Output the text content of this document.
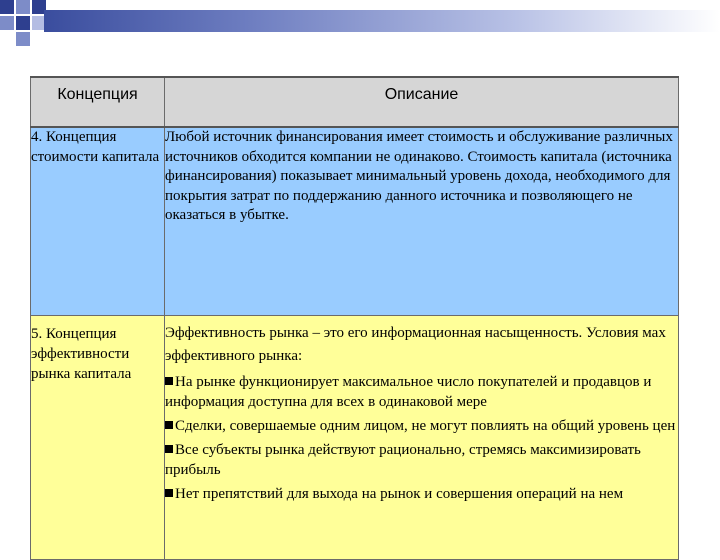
Концепция	Описание
4. Концепция стоимости капитала	Любой источник финансирования имеет стоимость и обслуживание различных источников обходится компании не одинаково. Стоимость капитала (источника финансирования) показывает минимальный уровень дохода, необходимого для покрытия затрат по поддержанию данного источника и позволяющего не оказаться в убытке.
5. Концепция эффективности рынка капитала	Эффективность рынка – это его информационная насыщенность. Условия мах эффективного рынка:
На рынке функционирует максимальное число покупателей и продавцов и информация доступна для всех в одинаковой мере
Сделки, совершаемые одним лицом, не могут повлиять на общий уровень цен
Все субъекты рынка действуют рационально, стремясь максимизировать прибыль
Нет препятствий для выхода на рынок и совершения операций на нем
